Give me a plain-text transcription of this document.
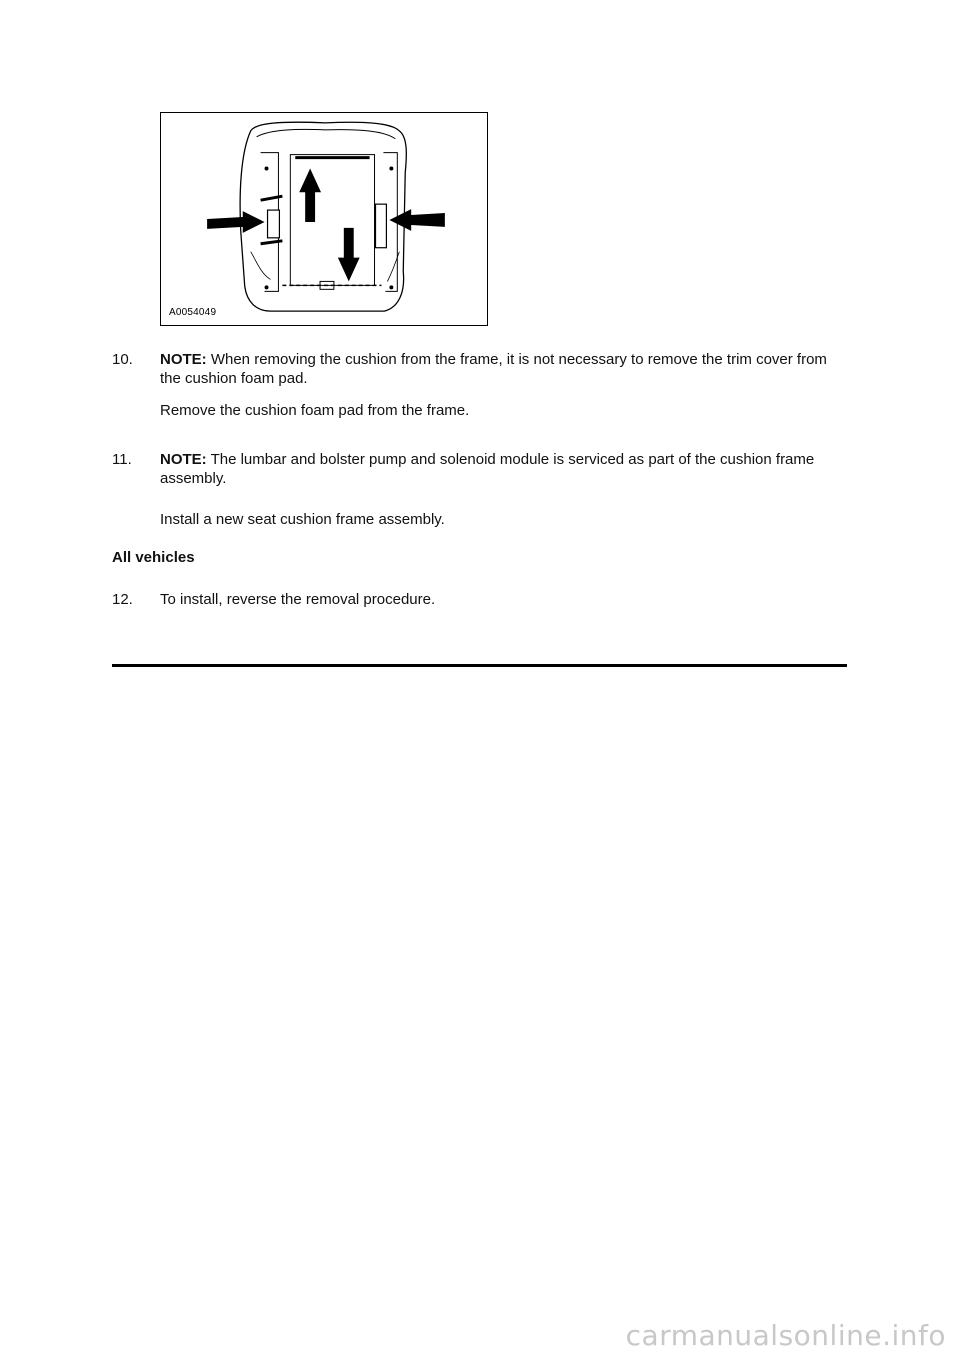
A0054049
10.	NOTE: When removing the cushion from the frame, it is not necessary to remove the trim cover from the cushion foam pad.
Remove the cushion foam pad from the frame.
11.	NOTE: The lumbar and bolster pump and solenoid module is serviced as part of the cushion frame assembly.
Install a new seat cushion frame assembly.
All vehicles
12.	To install, reverse the removal procedure.
carmanualsonline.info
